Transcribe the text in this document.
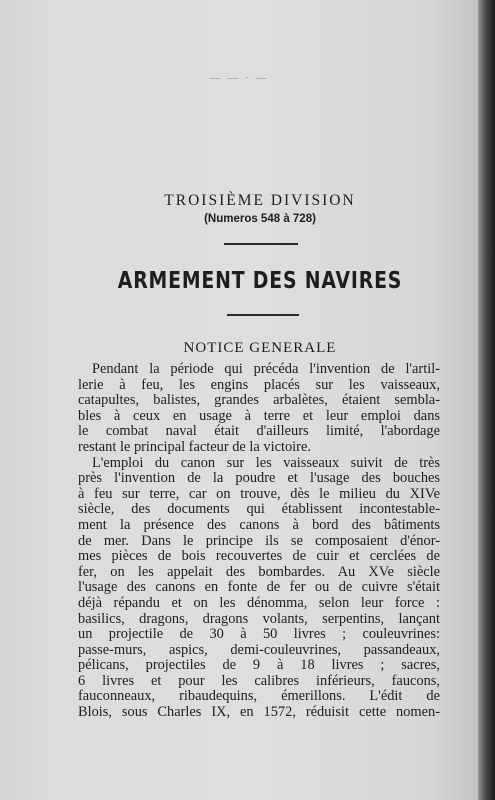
— — · —
TROISIÈME DIVISION
(Numeros 548 à 728)
ARMEMENT DES NAVIRES
NOTICE GENERALE
Pendant la période qui précéda l'invention de l'artil-
lerie à feu, les engins placés sur les vaisseaux,
catapultes, balistes, grandes arbalètes, étaient sembla-
bles à ceux en usage à terre et leur emploi dans
le combat naval était d'ailleurs limité, l'abordage
restant le principal facteur de la victoire.
L'emploi du canon sur les vaisseaux suivit de très
près l'invention de la poudre et l'usage des bouches
à feu sur terre, car on trouve, dès le milieu du XIVe
siècle, des documents qui établissent incontestable-
ment la présence des canons à bord des bâtiments
de mer. Dans le principe ils se composaient d'énor-
mes pièces de bois recouvertes de cuir et cerclées de
fer, on les appelait des bombardes. Au XVe siècle
l'usage des canons en fonte de fer ou de cuivre s'était
déjà répandu et on les dénomma, selon leur force :
basilics, dragons, dragons volants, serpentins, lançant
un projectile de 30 à 50 livres ; couleuvrines:
passe-murs, aspics, demi-couleuvrines, passandeaux,
pélicans, projectiles de 9 à 18 livres ; sacres,
6 livres et pour les calibres inférieurs, faucons,
fauconneaux, ribaudequins, émerillons. L'édit de
Blois, sous Charles IX, en 1572, réduisit cette nomen-
